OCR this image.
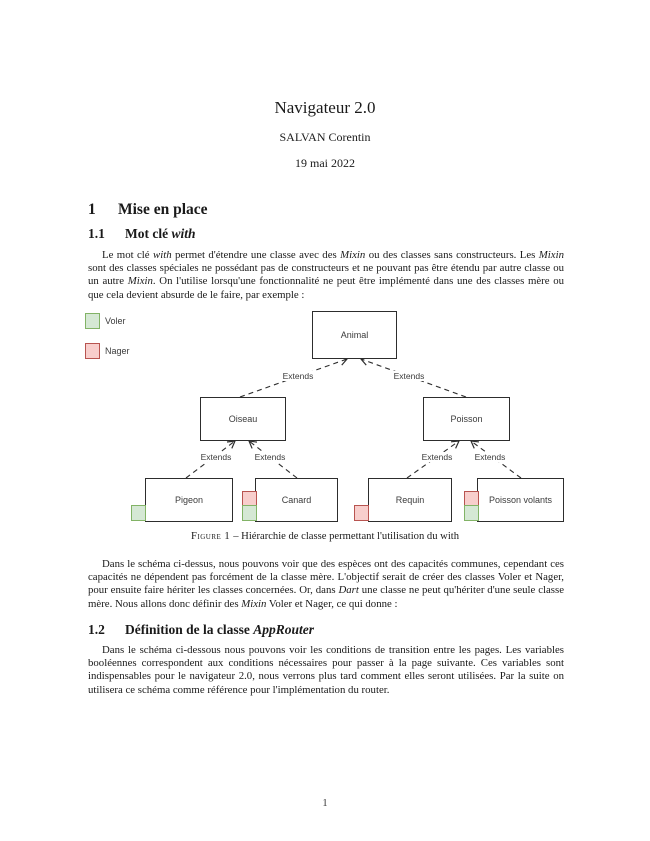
Navigateur 2.0
SALVAN Corentin
19 mai 2022
1 Mise en place
1.1 Mot clé with
Le mot clé with permet d'étendre une classe avec des Mixin ou des classes sans constructeurs. Les Mixin sont des classes spéciales ne possédant pas de constructeurs et ne pouvant pas être étendu par autre classe ou un autre Mixin. On l'utilise lorsqu'une fonctionnalité ne peut être implémenté dans une des classes mère ou que cela devient absurde de le faire, par exemple :
Voler
Nager
Animal
Oiseau	Poisson
Pigeon	Canard	Requin	Poisson volants
Extends	Extends
Extends	Extends	Extends	Extends
Figure 1 – Hiérarchie de classe permettant l'utilisation du with
Dans le schéma ci-dessus, nous pouvons voir que des espèces ont des capacités communes, cependant ces capacités ne dépendent pas forcément de la classe mère. L'objectif serait de créer des classes Voler et Nager, pour ensuite faire hériter les classes concernées. Or, dans Dart une classe ne peut qu'hériter d'une seule classe mère. Nous allons donc définir des Mixin Voler et Nager, ce qui donne :
1.2 Définition de la classe AppRouter
Dans le schéma ci-dessous nous pouvons voir les conditions de transition entre les pages. Les variables booléennes correspondent aux conditions nécessaires pour passer à la page suivante. Ces variables sont indispensables pour le navigateur 2.0, nous verrons plus tard comment elles seront utilisées. Par la suite on utilisera ce schéma comme référence pour l'implémentation du router.
1
